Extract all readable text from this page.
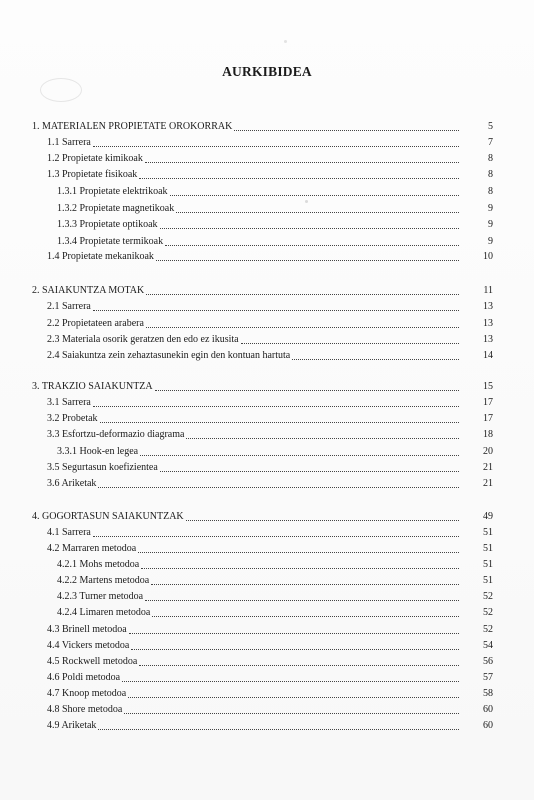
AURKIBIDEA
1. MATERIALEN PROPIETATE OROKORRAK	5
1.1 Sarrera	7
1.2 Propietate kimikoak	8
1.3 Propietate fisikoak	8
1.3.1 Propietate elektrikoak	8
1.3.2 Propietate magnetikoak	9
1.3.3 Propietate optikoak	9
1.3.4 Propietate termikoak	9
1.4 Propietate mekanikoak	10
2. SAIAKUNTZA MOTAK	11
2.1 Sarrera	13
2.2 Propietateen arabera	13
2.3 Materiala osorik geratzen den edo ez ikusita	13
2.4 Saiakuntza zein zehaztasunekin egin den kontuan hartuta	14
3. TRAKZIO SAIAKUNTZA	15
3.1 Sarrera	17
3.2 Probetak	17
3.3 Esfortzu-deformazio diagrama	18
3.3.1 Hook-en legea	20
3.5 Segurtasun koefizientea	21
3.6 Ariketak	21
4. GOGORTASUN SAIAKUNTZAK	49
4.1 Sarrera	51
4.2 Marraren metodoa	51
4.2.1 Mohs metodoa	51
4.2.2 Martens metodoa	51
4.2.3 Turner metodoa	52
4.2.4 Limaren metodoa	52
4.3 Brinell metodoa	52
4.4 Vickers metodoa	54
4.5 Rockwell metodoa	56
4.6 Poldi metodoa	57
4.7 Knoop metodoa	58
4.8 Shore metodoa	60
4.9 Ariketak	60
